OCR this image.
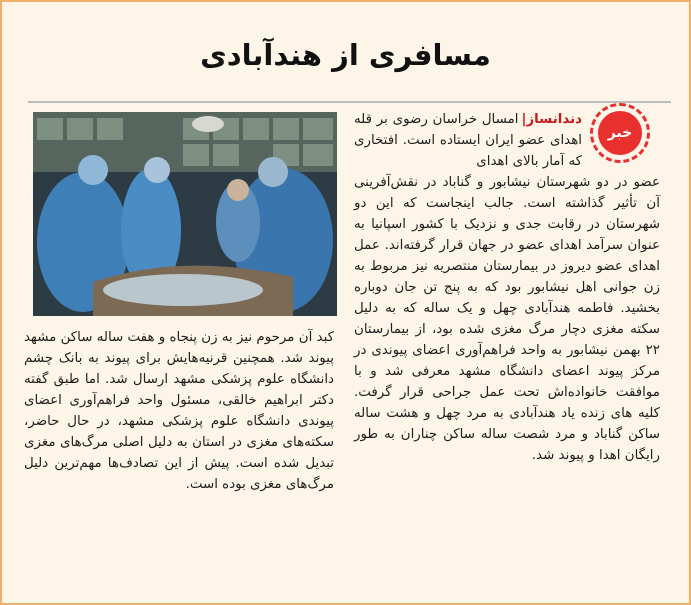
مسافری از هندآبادی
خبر

دندانساز|امسال خراسان رضوی بر قله اهدای عضو ایران ایستاده است. افتخاری که آمار بالای اهدای

عضو در دو شهرستان نیشابور و گناباد در نقش‌آفرینی آن تأثیر گذاشته است. جالب اینجاست که این دو شهرستان در رقابت جدی و نزدیک با کشور اسپانیا به عنوان سرآمد اهدای عضو در جهان قرار گرفته‌اند. عمل اهدای عضو دیروز در بیمارستان منتصریه نیز مربوط به زن جوانی اهل نیشابور بود که به پنج تن جان دوباره بخشید. فاطمه هندآبادی چهل و یک ساله که به دلیل سکته مغزی دچار مرگ مغزی شده بود، از بیمارستان ۲۲ بهمن نیشابور به واحد فراهم‌آوری اعضای پیوندی در مرکز پیوند اعضای دانشگاه مشهد معرفی شد و با موافقت خانواده‌اش تحت عمل جراحی قرار گرفت. کلیه های زنده یاد هندآبادی به مرد چهل و هشت ساله ساکن گناباد و مرد شصت ساله ساکن چناران به طور رایگان اهدا و پیوند شد.

کبد آن مرحوم نیز به زن پنجاه و هفت ساله ساکن مشهد پیوند شد. همچنین قرنیه‌هایش برای پیوند به بانک چشم دانشگاه علوم پزشکی مشهد ارسال شد. اما طبق گفته دکتر ابراهیم خالقی، مسئول واحد فراهم‌آوری اعضای پیوندی دانشگاه علوم پزشکی مشهد، در حال حاضر، سکته‌های مغزی در استان به دلیل اصلی مرگ‌های مغزی تبدیل شده است. پیش از این تصادف‌ها مهم‌ترین دلیل مرگ‌های مغزی بوده است.
